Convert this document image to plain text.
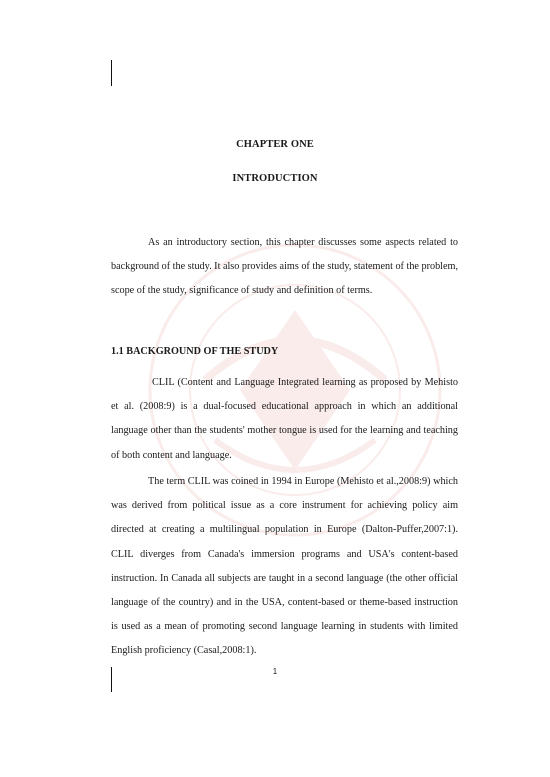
CHAPTER ONE
INTRODUCTION
As an introductory section, this chapter discusses some aspects related to background of the study. It also provides aims of the study, statement of the problem, scope of the study, significance of study and definition of terms.
1.1 BACKGROUND OF THE STUDY
CLIL (Content and Language Integrated learning as proposed by Mehisto et al. (2008:9) is a dual-focused educational approach in which an additional language other than the students' mother tongue is used for the learning and teaching of both content and language.
The term CLIL was coined in 1994 in Europe (Mehisto et al.,2008:9) which was derived from political issue as a core instrument for achieving policy aim directed at creating a multilingual population in Europe (Dalton-Puffer,2007:1). CLIL diverges from Canada's immersion programs and USA's content-based instruction. In Canada all subjects are taught in a second language (the other official language of the country) and in the USA, content-based or theme-based instruction is used as a mean of promoting second language learning in students with limited English proficiency (Casal,2008:1).
1
